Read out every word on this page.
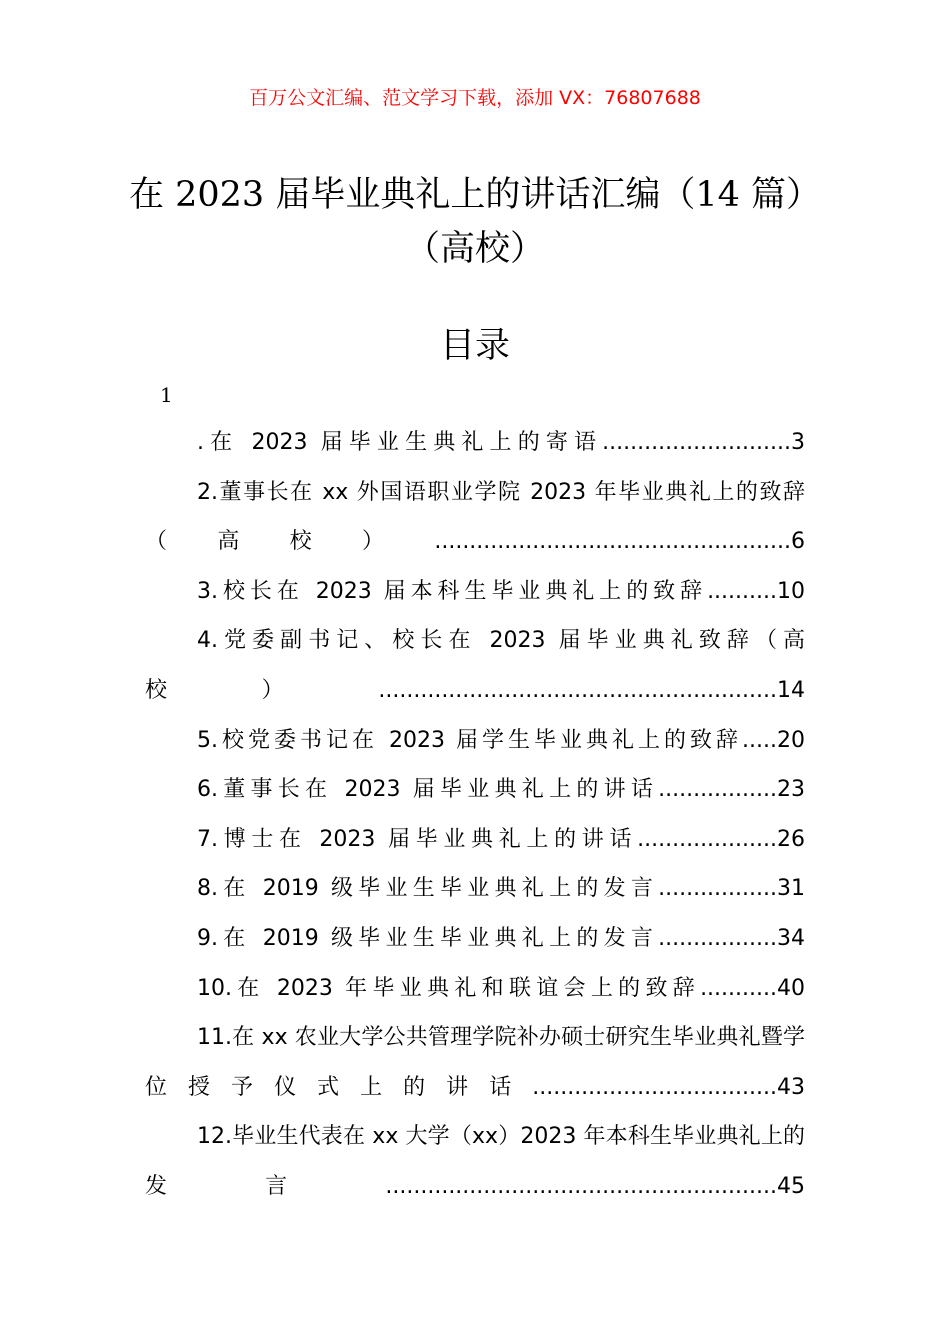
百万公文汇编、范文学习下载，添加 VX：76807688
在 2023 届毕业典礼上的讲话汇编（14 篇）
（高校）
目录
1
.在 2023 届毕业生典礼上的寄语...........................3
2.董事长在 xx 外国语职业学院 2023 年毕业典礼上的致辞（高校）...................................................6
3.校长在 2023 届本科生毕业典礼上的致辞..........10
4.党委副书记、校长在 2023 届毕业典礼致辞（高校）.........................................................14
5.校党委书记在 2023 届学生毕业典礼上的致辞.....20
6.董事长在 2023 届毕业典礼上的讲话.................23
7.博士在 2023 届毕业典礼上的讲话....................26
8.在 2019 级毕业生毕业典礼上的发言.................31
9.在 2019 级毕业生毕业典礼上的发言.................34
10.在 2023 年毕业典礼和联谊会上的致辞...........40
11.在 xx 农业大学公共管理学院补办硕士研究生毕业典礼暨学位授予仪式上的讲话...................................43
12.毕业生代表在 xx 大学（xx）2023 年本科生毕业典礼上的发言........................................................45
